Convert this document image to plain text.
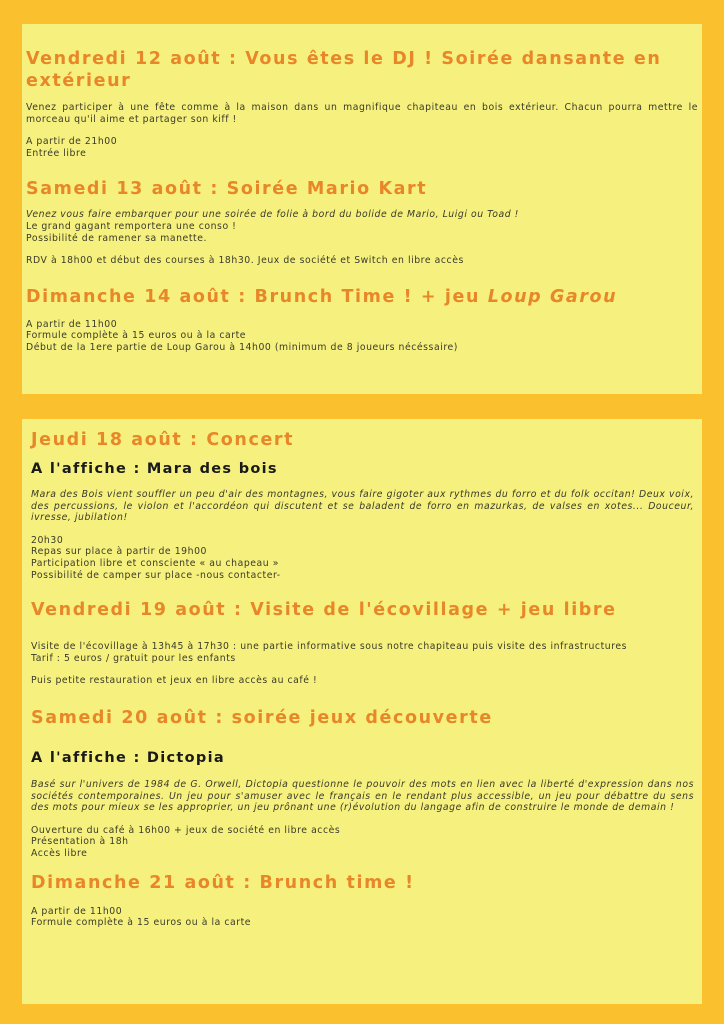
Vendredi 12 août : Vous êtes le DJ ! Soirée dansante en extérieur

Venez participer à une fête comme à la maison dans un magnifique chapiteau en bois extérieur. Chacun pourra mettre le morceau qu'il aime et partager son kiff !

A partir de 21h00

Entrée libre

Samedi 13 août : Soirée Mario Kart

Venez vous faire embarquer pour une soirée de folie à bord du bolide de Mario, Luigi ou Toad !

Le grand gagant remportera une conso !

Possibilité de ramener sa manette.

RDV à 18h00 et début des courses à 18h30. Jeux de société et Switch en libre accès

Dimanche 14 août : Brunch Time ! + jeu Loup Garou

A partir de 11h00

Formule complète à 15 euros ou à la carte

Début de la 1ere partie de Loup Garou à 14h00 (minimum de 8 joueurs nécéssaire)

Jeudi 18 août : Concert
A l'affiche : Mara des bois

Mara des Bois vient souffler un peu d'air des montagnes, vous faire gigoter aux rythmes du forro et du folk occitan! Deux voix, des percussions, le violon et l'accordéon qui discutent et se baladent de forro en mazurkas, de valses en xotes... Douceur, ivresse, jubilation!

20h30

Repas sur place à partir de 19h00

Participation libre et consciente « au chapeau »

Possibilité de camper sur place -nous contacter-

Vendredi 19 août : Visite de l'écovillage + jeu libre

Visite de l'écovillage à 13h45 à 17h30 : une partie informative sous notre chapiteau puis visite des infrastructures

Tarif : 5 euros / gratuit pour les enfants

Puis petite restauration et jeux en libre accès au café !

Samedi 20 août : soirée jeux découverte
A l'affiche : Dictopia

Basé sur l'univers de 1984 de G. Orwell, Dictopia questionne le pouvoir des mots en lien avec la liberté d'expression dans nos sociétés contemporaines. Un jeu pour s'amuser avec le français en le rendant plus accessible, un jeu pour débattre du sens des mots pour mieux se les approprier, un jeu prônant une (r)évolution du langage afin de construire le monde de demain !

Ouverture du café à 16h00 + jeux de société en libre accès

Présentation à 18h

Accès libre

Dimanche 21 août : Brunch time !

A partir de 11h00

Formule complète à 15 euros ou à la carte
